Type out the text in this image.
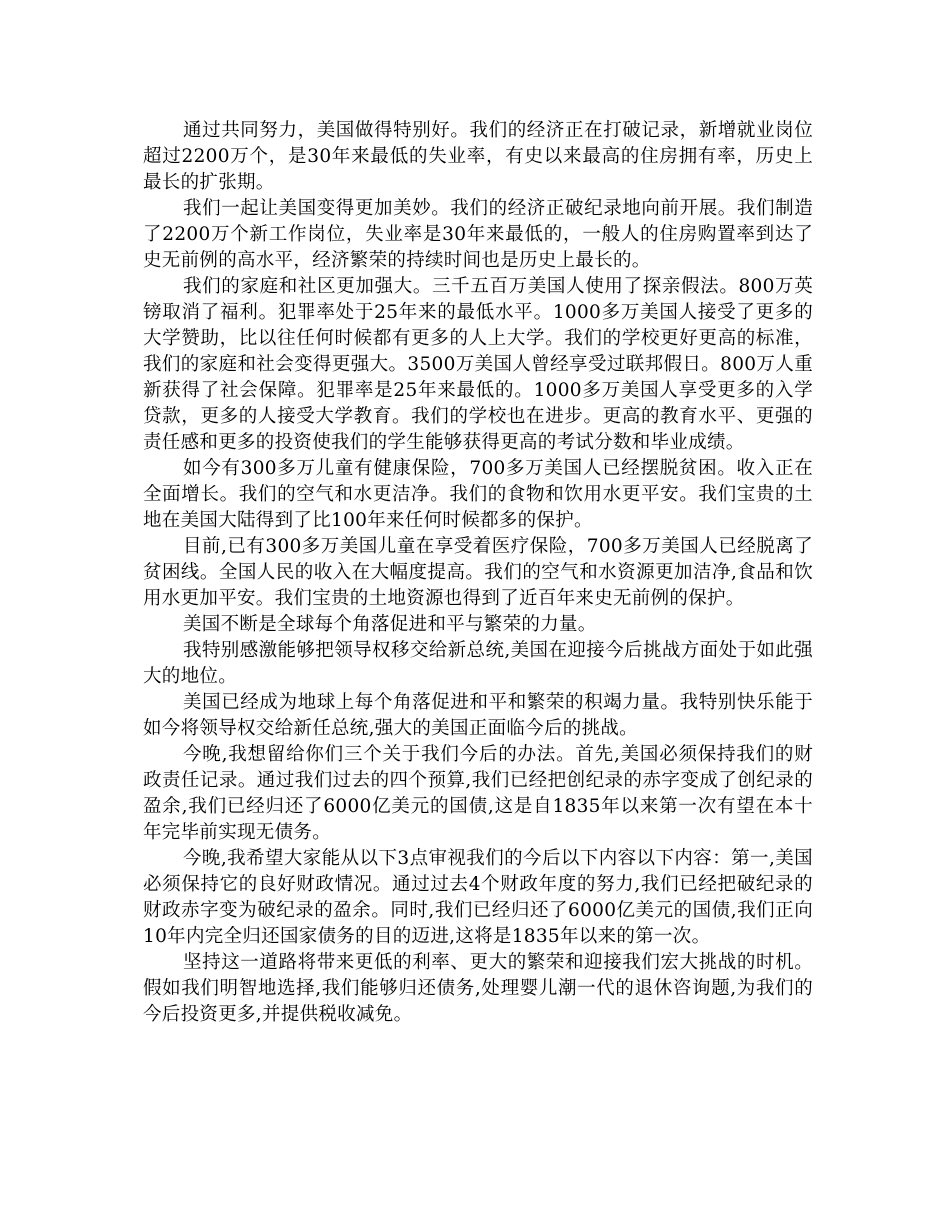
通过共同努力，美国做得特别好。我们的经济正在打破记录，新增就业岗位超过2200万个，是30年来最低的失业率，有史以来最高的住房拥有率，历史上最长的扩张期。

我们一起让美国变得更加美妙。我们的经济正破纪录地向前开展。我们制造了2200万个新工作岗位，失业率是30年来最低的，一般人的住房购置率到达了史无前例的高水平，经济繁荣的持续时间也是历史上最长的。

我们的家庭和社区更加强大。三千五百万美国人使用了探亲假法。800万英镑取消了福利。犯罪率处于25年来的最低水平。1000多万美国人接受了更多的大学赞助，比以往任何时候都有更多的人上大学。我们的学校更好更高的标准，我们的家庭和社会变得更强大。3500万美国人曾经享受过联邦假日。800万人重新获得了社会保障。犯罪率是25年来最低的。1000多万美国人享受更多的入学贷款，更多的人接受大学教育。我们的学校也在进步。更高的教育水平、更强的责任感和更多的投资使我们的学生能够获得更高的考试分数和毕业成绩。

如今有300多万儿童有健康保险，700多万美国人已经摆脱贫困。收入正在全面增长。我们的空气和水更洁净。我们的食物和饮用水更平安。我们宝贵的土地在美国大陆得到了比100年来任何时候都多的保护。

目前,已有300多万美国儿童在享受着医疗保险，700多万美国人已经脱离了贫困线。全国人民的收入在大幅度提高。我们的空气和水资源更加洁净,食品和饮用水更加平安。我们宝贵的土地资源也得到了近百年来史无前例的保护。

美国不断是全球每个角落促进和平与繁荣的力量。

我特别感激能够把领导权移交给新总统,美国在迎接今后挑战方面处于如此强大的地位。

美国已经成为地球上每个角落促进和平和繁荣的积竭力量。我特别快乐能于如今将领导权交给新任总统,强大的美国正面临今后的挑战。

今晚,我想留给你们三个关于我们今后的办法。首先,美国必须保持我们的财政责任记录。通过我们过去的四个预算,我们已经把创纪录的赤字变成了创纪录的盈余,我们已经归还了6000亿美元的国债,这是自1835年以来第一次有望在本十年完毕前实现无债务。

今晚,我希望大家能从以下3点审视我们的今后以下内容以下内容：第一,美国必须保持它的良好财政情况。通过过去4个财政年度的努力,我们已经把破纪录的财政赤字变为破纪录的盈余。同时,我们已经归还了6000亿美元的国债,我们正向10年内完全归还国家债务的目的迈进,这将是1835年以来的第一次。

坚持这一道路将带来更低的利率、更大的繁荣和迎接我们宏大挑战的时机。假如我们明智地选择,我们能够归还债务,处理婴儿潮一代的退休咨询题,为我们的今后投资更多,并提供税收减免。
